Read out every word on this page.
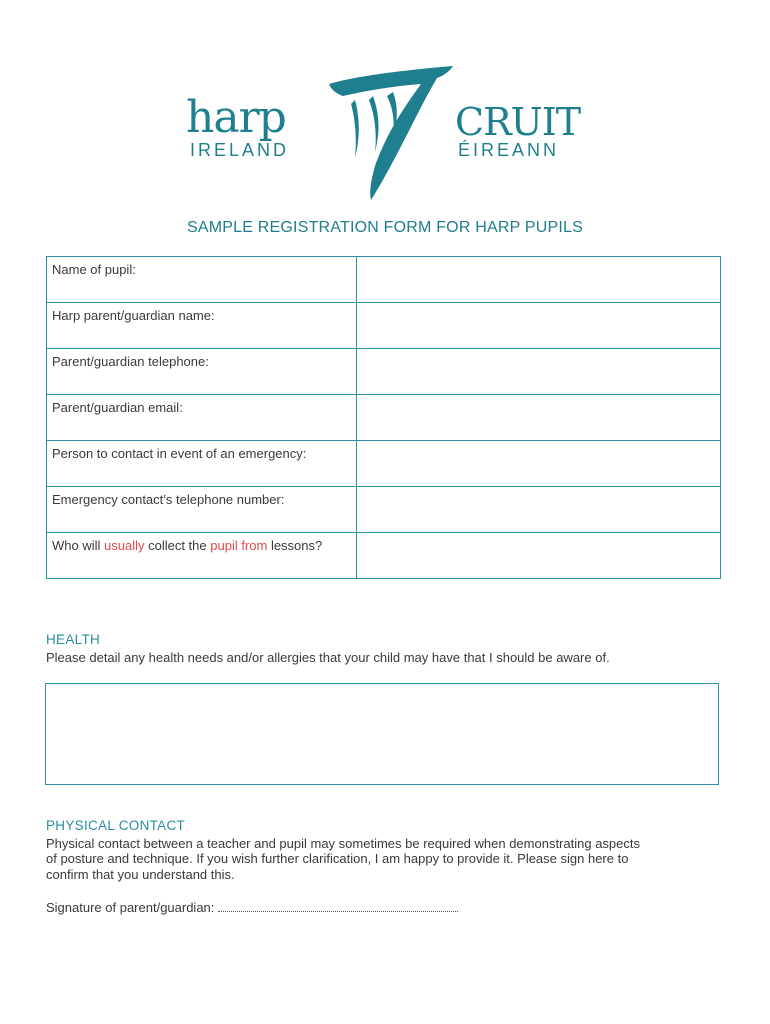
harp
IRELAND
CRUIT
ÉIREANN
SAMPLE REGISTRATION FORM FOR HARP PUPILS
Name of pupil:	
Harp parent/guardian name:	
Parent/guardian telephone:	
Parent/guardian email:	
Person to contact in event of an emergency:	
Emergency contact’s telephone number:	
Who will usually collect the pupil from lessons?	
HEALTH
Please detail any health needs and/or allergies that your child may have that I should be aware of.
PHYSICAL CONTACT
Physical contact between a teacher and pupil may sometimes be required when demonstrating aspects
of posture and technique. If you wish further clarification, I am happy to provide it. Please sign here to
confirm that you understand this.
Signature of parent/guardian:
